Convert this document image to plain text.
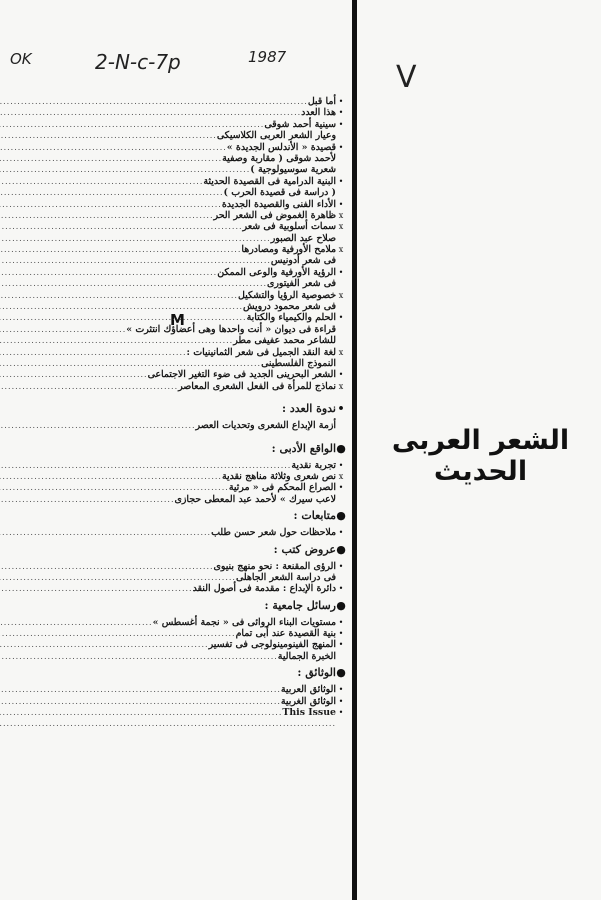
OK	2-N-c-7p	1987
V
M
الشعر العربى الحديث
•
أما قبل
.....
•
هذا العدد
.....
•
سينية أحمد شوقى
.....
وعيار الشعر العربى الكلاسيكى
.....
•
قصيدة « الأندلس الجديدة »
.....
لأحمد شوقى ( مقاربة وصفية
.....
شعرية سوسيولوجية )
.....
•
البنية الدرامية فى القصيدة الحديثة
.....
( دراسة فى قصيدة الحرب )
.....
•
الأداء الفنى والقصيدة الجديدة
.....
x
ظاهرة الغموض فى الشعر الحر
.....
x
سمات أسلوبية فى شعر
.....
صلاح عبد الصبور
.....
x
ملامح الأورفية ومصادرها
.....
فى شعر أدونيس
.....
•
الرؤية الأورفية والوعى الممكن
.....
فى شعر الفيتورى
.....
x
خصوصية الرؤيا والتشكيل
.....
فى شعر محمود درويش
.....
•
الحلم والكيمياء والكتابة
.....
قراءة فى ديوان « أنت واحدها وهى أعضاؤك انتثرت »
.....
للشاعر محمد عفيفى مطر
.....
x
لغة النقد الجميل فى شعر الثمانينيات :
.....
النموذج الفلسطينى
.....
•
الشعر البحرينى الجديد فى ضوء التغير الاجتماعى
.....
x
نماذج للمرأة فى الفعل الشعرى المعاصر
.....
•
ندوة العدد :
أزمة الإبداع الشعرى وتحديات العصر
.....
●
الواقع الأدبى :
•
تجربة نقدية
.....
x
نص شعرى وثلاثة مناهج نقدية
.....
•
الصراع المحكم فى « مرثية
.....
لاعب سيرك » لأحمد عبد المعطى حجازى
.....
●
متابعات :
•
ملاحظات حول شعر حسن طلب
.....
●
عروض كتب :
•
الرؤى المقنعة : نحو منهج بنيوى
.....
فى دراسة الشعر الجاهلى
.....
•
دائرة الإبداع : مقدمة فى أصول النقد
.....
●
رسائل جامعية :
•
مستويات البناء الروائى فى « نجمة أغسطس »
.....
•
بنية القصيدة عند أبى تمام
.....
•
المنهج الفينومينولوجى فى تفسير
.....
الخبرة الجمالية
.....
●
الوثائق :
•
الوثائق العربية
.....
•
الوثائق الغربية
.....
•
This Issue
.....
.....
